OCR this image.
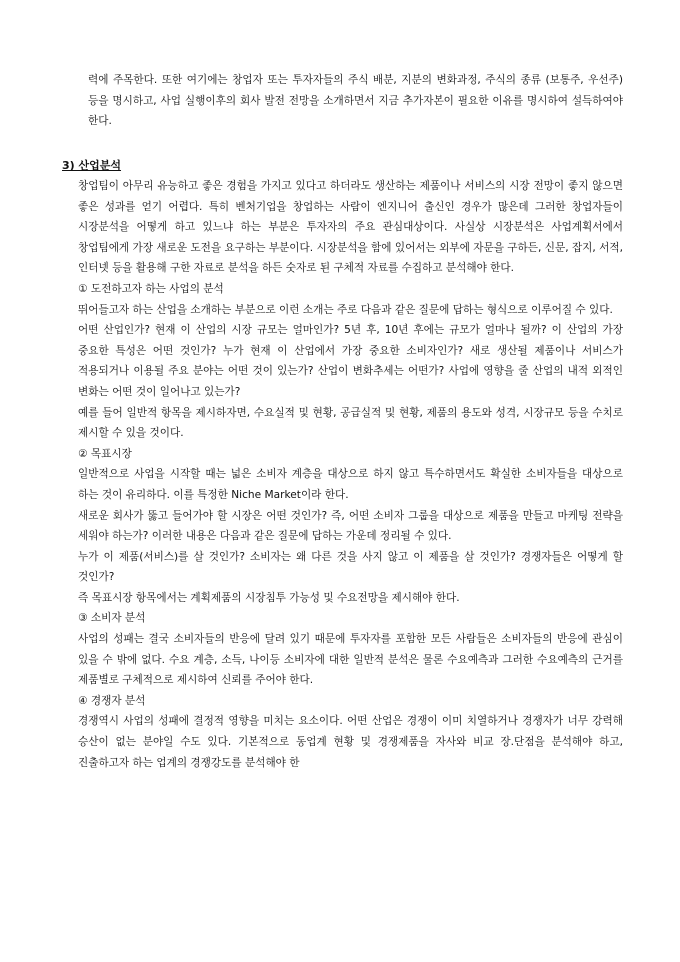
력에 주목한다. 또한 여기에는 창업자 또는 투자자들의 주식 배분, 지분의 변화과정, 주식의 종류 (보통주, 우선주) 등을 명시하고, 사업 실행이후의 회사 발전 전망을 소개하면서 지금 추가자본이 필요한 이유를 명시하여 설득하여야 한다.
3) 산업분석
창업팀이 아무리 유능하고 좋은 경험을 가지고 있다고 하더라도 생산하는 제품이나 서비스의 시장 전망이 좋지 않으면 좋은 성과를 얻기 어렵다. 특히 벤처기업을 창업하는 사람이 엔지니어 출신인 경우가 많은데 그러한 창업자들이 시장분석을 어떻게 하고 있느냐 하는 부분은 투자자의 주요 관심대상이다. 사실상 시장분석은 사업계획서에서 창업팀에게 가장 새로운 도전을 요구하는 부분이다. 시장분석을 함에 있어서는 외부에 자문을 구하든, 신문, 잡지, 서적, 인터넷 등을 활용해 구한 자료로 분석을 하든 숫자로 된 구체적 자료를 수집하고 분석해야 한다.
① 도전하고자 하는 사업의 분석
뛰어들고자 하는 산업을 소개하는 부분으로 이런 소개는 주로 다음과 같은 질문에 답하는 형식으로 이루어질 수 있다.
어떤 산업인가? 현재 이 산업의 시장 규모는 얼마인가? 5년 후, 10년 후에는 규모가 얼마나 될까? 이 산업의 가장 중요한 특성은 어떤 것인가? 누가 현재 이 산업에서 가장 중요한 소비자인가? 새로 생산될 제품이나 서비스가 적용되거나 이용될 주요 분야는 어떤 것이 있는가? 산업이 변화추세는 어떤가? 사업에 영향을 줄 산업의 내적 외적인 변화는 어떤 것이 일어나고 있는가?
예를 들어 일반적 항목을 제시하자면, 수요실적 및 현황, 공급실적 및 현황, 제품의 용도와 성격, 시장규모 등을 수치로 제시할 수 있을 것이다.
② 목표시장
일반적으로 사업을 시작할 때는 넓은 소비자 계층을 대상으로 하지 않고 특수하면서도 확실한 소비자들을 대상으로 하는 것이 유리하다. 이를 특정한 Niche Market이라 한다.
새로운 회사가 뚫고 들어가야 할 시장은 어떤 것인가? 즉, 어떤 소비자 그룹을 대상으로 제품을 만들고 마케팅 전략을 세워야 하는가? 이러한 내용은 다음과 같은 질문에 답하는 가운데 정리될 수 있다.
누가 이 제품(서비스)를 살 것인가? 소비자는 왜 다른 것을 사지 않고 이 제품을 살 것인가? 경쟁자들은 어떻게 할 것인가?
즉 목표시장 항목에서는 계획제품의 시장침투 가능성 및 수요전망을 제시해야 한다.
③ 소비자 분석
사업의 성패는 결국 소비자들의 반응에 달려 있기 때문에 투자자를 포함한 모든 사람들은 소비자들의 반응에 관심이 있을 수 밖에 없다. 수요 계층, 소득, 나이등 소비자에 대한 일반적 분석은 물론 수요예측과 그러한 수요예측의 근거를 제품별로 구체적으로 제시하여 신뢰를 주어야 한다.
④ 경쟁자 분석
경쟁역시 사업의 성패에 결정적 영향을 미치는 요소이다. 어떤 산업은 경쟁이 이미 치열하거나 경쟁자가 너무 강력해 승산이 없는 분야일 수도 있다. 기본적으로 동업계 현황 및 경쟁제품을 자사와 비교 장.단점을 분석해야 하고, 진출하고자 하는 업계의 경쟁강도를 분석해야 한
